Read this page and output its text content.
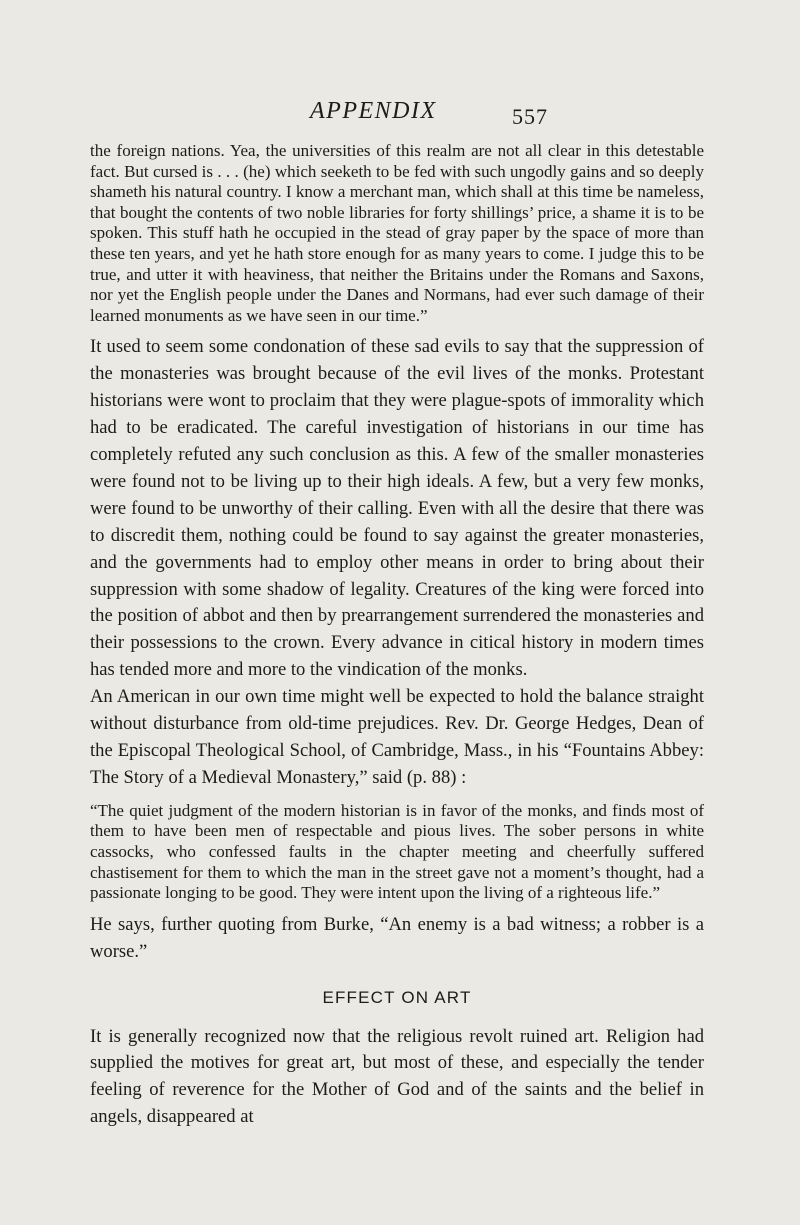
APPENDIX	557

the foreign nations. Yea, the universities of this realm are not all clear in this detestable fact. But cursed is . . . (he) which seeketh to be fed with such ungodly gains and so deeply shameth his natural country. I know a merchant man, which shall at this time be nameless, that bought the contents of two noble libraries for forty shillings’ price, a shame it is to be spoken. This stuff hath he occupied in the stead of gray paper by the space of more than these ten years, and yet he hath store enough for as many years to come. I judge this to be true, and utter it with heaviness, that neither the Britains under the Romans and Saxons, nor yet the English people under the Danes and Normans, had ever such damage of their learned monuments as we have seen in our time.”

It used to seem some condonation of these sad evils to say that the suppression of the monasteries was brought because of the evil lives of the monks. Protestant historians were wont to proclaim that they were plague-spots of immorality which had to be eradicated. The careful investigation of historians in our time has completely refuted any such conclusion as this. A few of the smaller monasteries were found not to be living up to their high ideals. A few, but a very few monks, were found to be unworthy of their calling. Even with all the desire that there was to discredit them, nothing could be found to say against the greater monasteries, and the governments had to employ other means in order to bring about their suppression with some shadow of legality. Creatures of the king were forced into the position of abbot and then by prearrangement surrendered the monasteries and their possessions to the crown. Every advance in citical history in modern times has tended more and more to the vindication of the monks.

An American in our own time might well be expected to hold the balance straight without disturbance from old-time prejudices. Rev. Dr. George Hedges, Dean of the Episcopal Theological School, of Cambridge, Mass., in his “Fountains Abbey: The Story of a Medieval Monastery,” said (p. 88) :

“The quiet judgment of the modern historian is in favor of the monks, and finds most of them to have been men of respectable and pious lives. The sober persons in white cassocks, who confessed faults in the chapter meeting and cheerfully suffered chastisement for them to which the man in the street gave not a moment’s thought, had a passionate longing to be good. They were intent upon the living of a righteous life.”

He says, further quoting from Burke, “An enemy is a bad witness; a robber is a worse.”

EFFECT ON ART

It is generally recognized now that the religious revolt ruined art. Religion had supplied the motives for great art, but most of these, and especially the tender feeling of reverence for the Mother of God and of the saints and the belief in angels, disappeared at
